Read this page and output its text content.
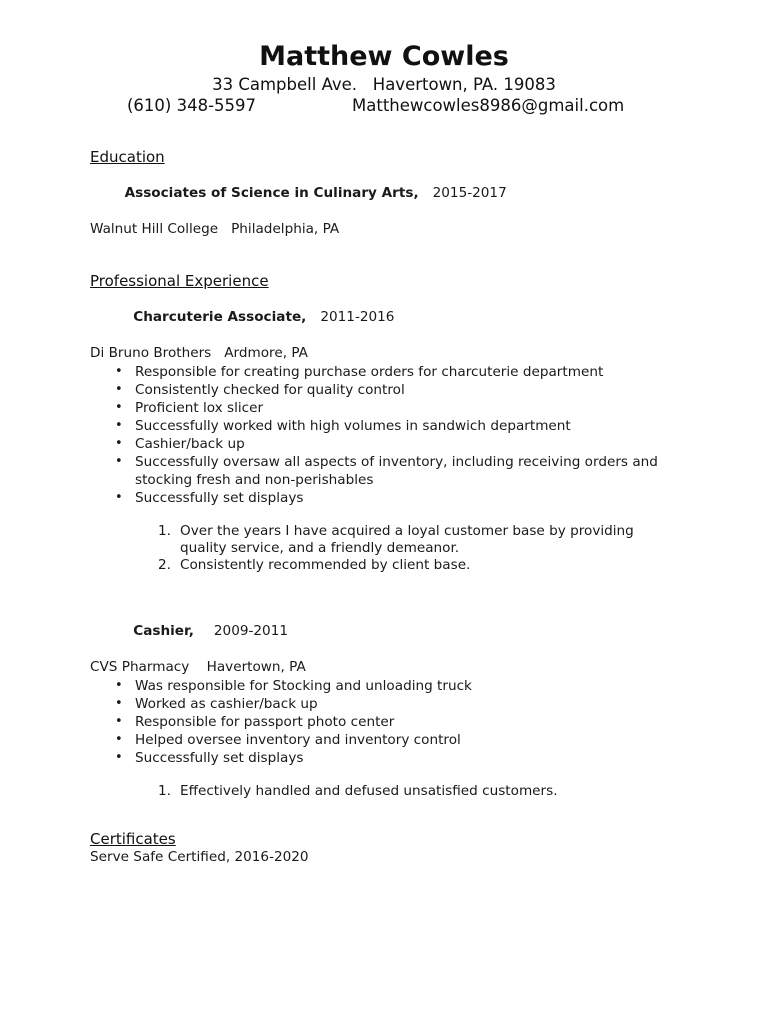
Matthew Cowles
33 Campbell Ave.   Havertown, PA. 19083
(610) 348-5597	Matthewcowles8986@gmail.com
Education

Associates of Science in Culinary Arts, 2015-2017

Walnut Hill College   Philadelphia, PA
Professional Experience

Charcuterie Associate, 2011-2016

Di Bruno Brothers   Ardmore, PA
• Responsible for creating purchase orders for charcuterie department
• Consistently checked for quality control
• Proficient lox slicer
• Successfully worked with high volumes in sandwich department
• Cashier/back up
• Successfully oversaw all aspects of inventory, including receiving orders and stocking fresh and non-perishables
• Successfully set displays
1. Over the years I have acquired a loyal customer base by providing quality service, and a friendly demeanor.
2. Consistently recommended by client base.

Cashier, 2009-2011

CVS Pharmacy    Havertown, PA
• Was responsible for Stocking and unloading truck
• Worked as cashier/back up
• Responsible for passport photo center
• Helped oversee inventory and inventory control
• Successfully set displays
1. Effectively handled and defused unsatisfied customers.
Certificates
Serve Safe Certified, 2016-2020
